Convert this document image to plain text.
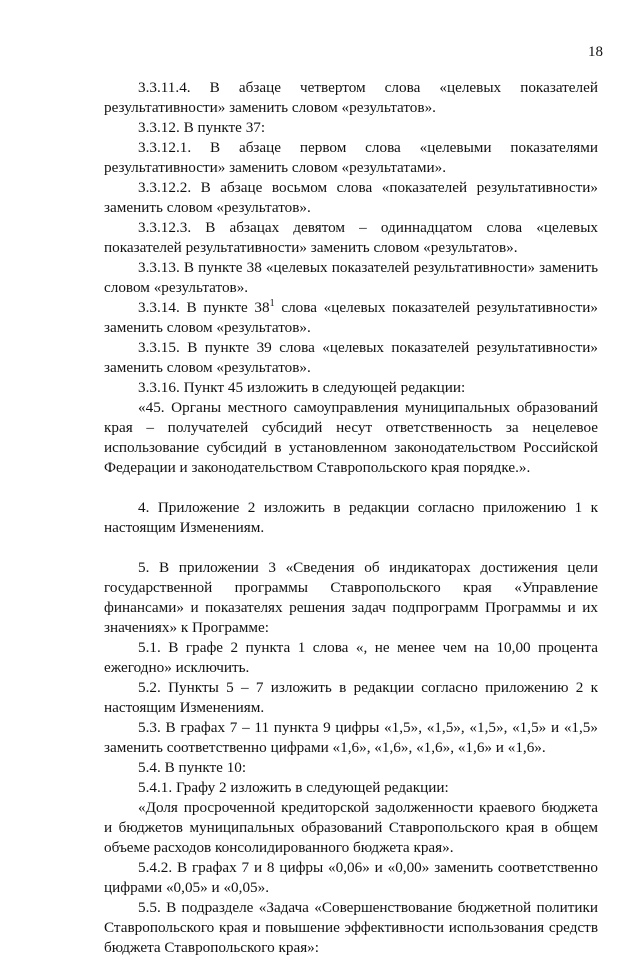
18

3.3.11.4. В абзаце четвертом слова «целевых показателей результативности» заменить словом «результатов».

3.3.12. В пункте 37:

3.3.12.1. В абзаце первом слова «целевыми показателями результативности» заменить словом «результатами».

3.3.12.2. В абзаце восьмом слова «показателей результативности» заменить словом «результатов».

3.3.12.3. В абзацах девятом – одиннадцатом слова «целевых показателей результативности» заменить словом «результатов».

3.3.13. В пункте 38 «целевых показателей результативности» заменить словом «результатов».

3.3.14. В пункте $38^1$ слова «целевых показателей результативности» заменить словом «результатов».

3.3.15. В пункте 39 слова «целевых показателей результативности» заменить словом «результатов».

3.3.16. Пункт 45 изложить в следующей редакции:

«45. Органы местного самоуправления муниципальных образований края – получателей субсидий несут ответственность за нецелевое использование субсидий в установленном законодательством Российской Федерации и законодательством Ставропольского края порядке.».

4. Приложение 2 изложить в редакции согласно приложению 1 к настоящим Изменениям.

5. В приложении 3 «Сведения об индикаторах достижения цели государственной программы Ставропольского края «Управление финансами» и показателях решения задач подпрограмм Программы и их значениях» к Программе:

5.1. В графе 2 пункта 1 слова «, не менее чем на 10,00 процента ежегодно» исключить.

5.2. Пункты 5 – 7 изложить в редакции согласно приложению 2 к настоящим Изменениям.

5.3. В графах 7 – 11 пункта 9 цифры «1,5», «1,5», «1,5», «1,5» и «1,5» заменить соответственно цифрами «1,6», «1,6», «1,6», «1,6» и «1,6».

5.4. В пункте 10:

5.4.1. Графу 2 изложить в следующей редакции:

«Доля просроченной кредиторской задолженности краевого бюджета и бюджетов муниципальных образований Ставропольского края в общем объеме расходов консолидированного бюджета края».

5.4.2. В графах 7 и 8 цифры «0,06» и «0,00» заменить соответственно цифрами «0,05» и «0,05».

5.5. В подразделе «Задача «Совершенствование бюджетной политики Ставропольского края и повышение эффективности использования средств бюджета Ставропольского края»:
